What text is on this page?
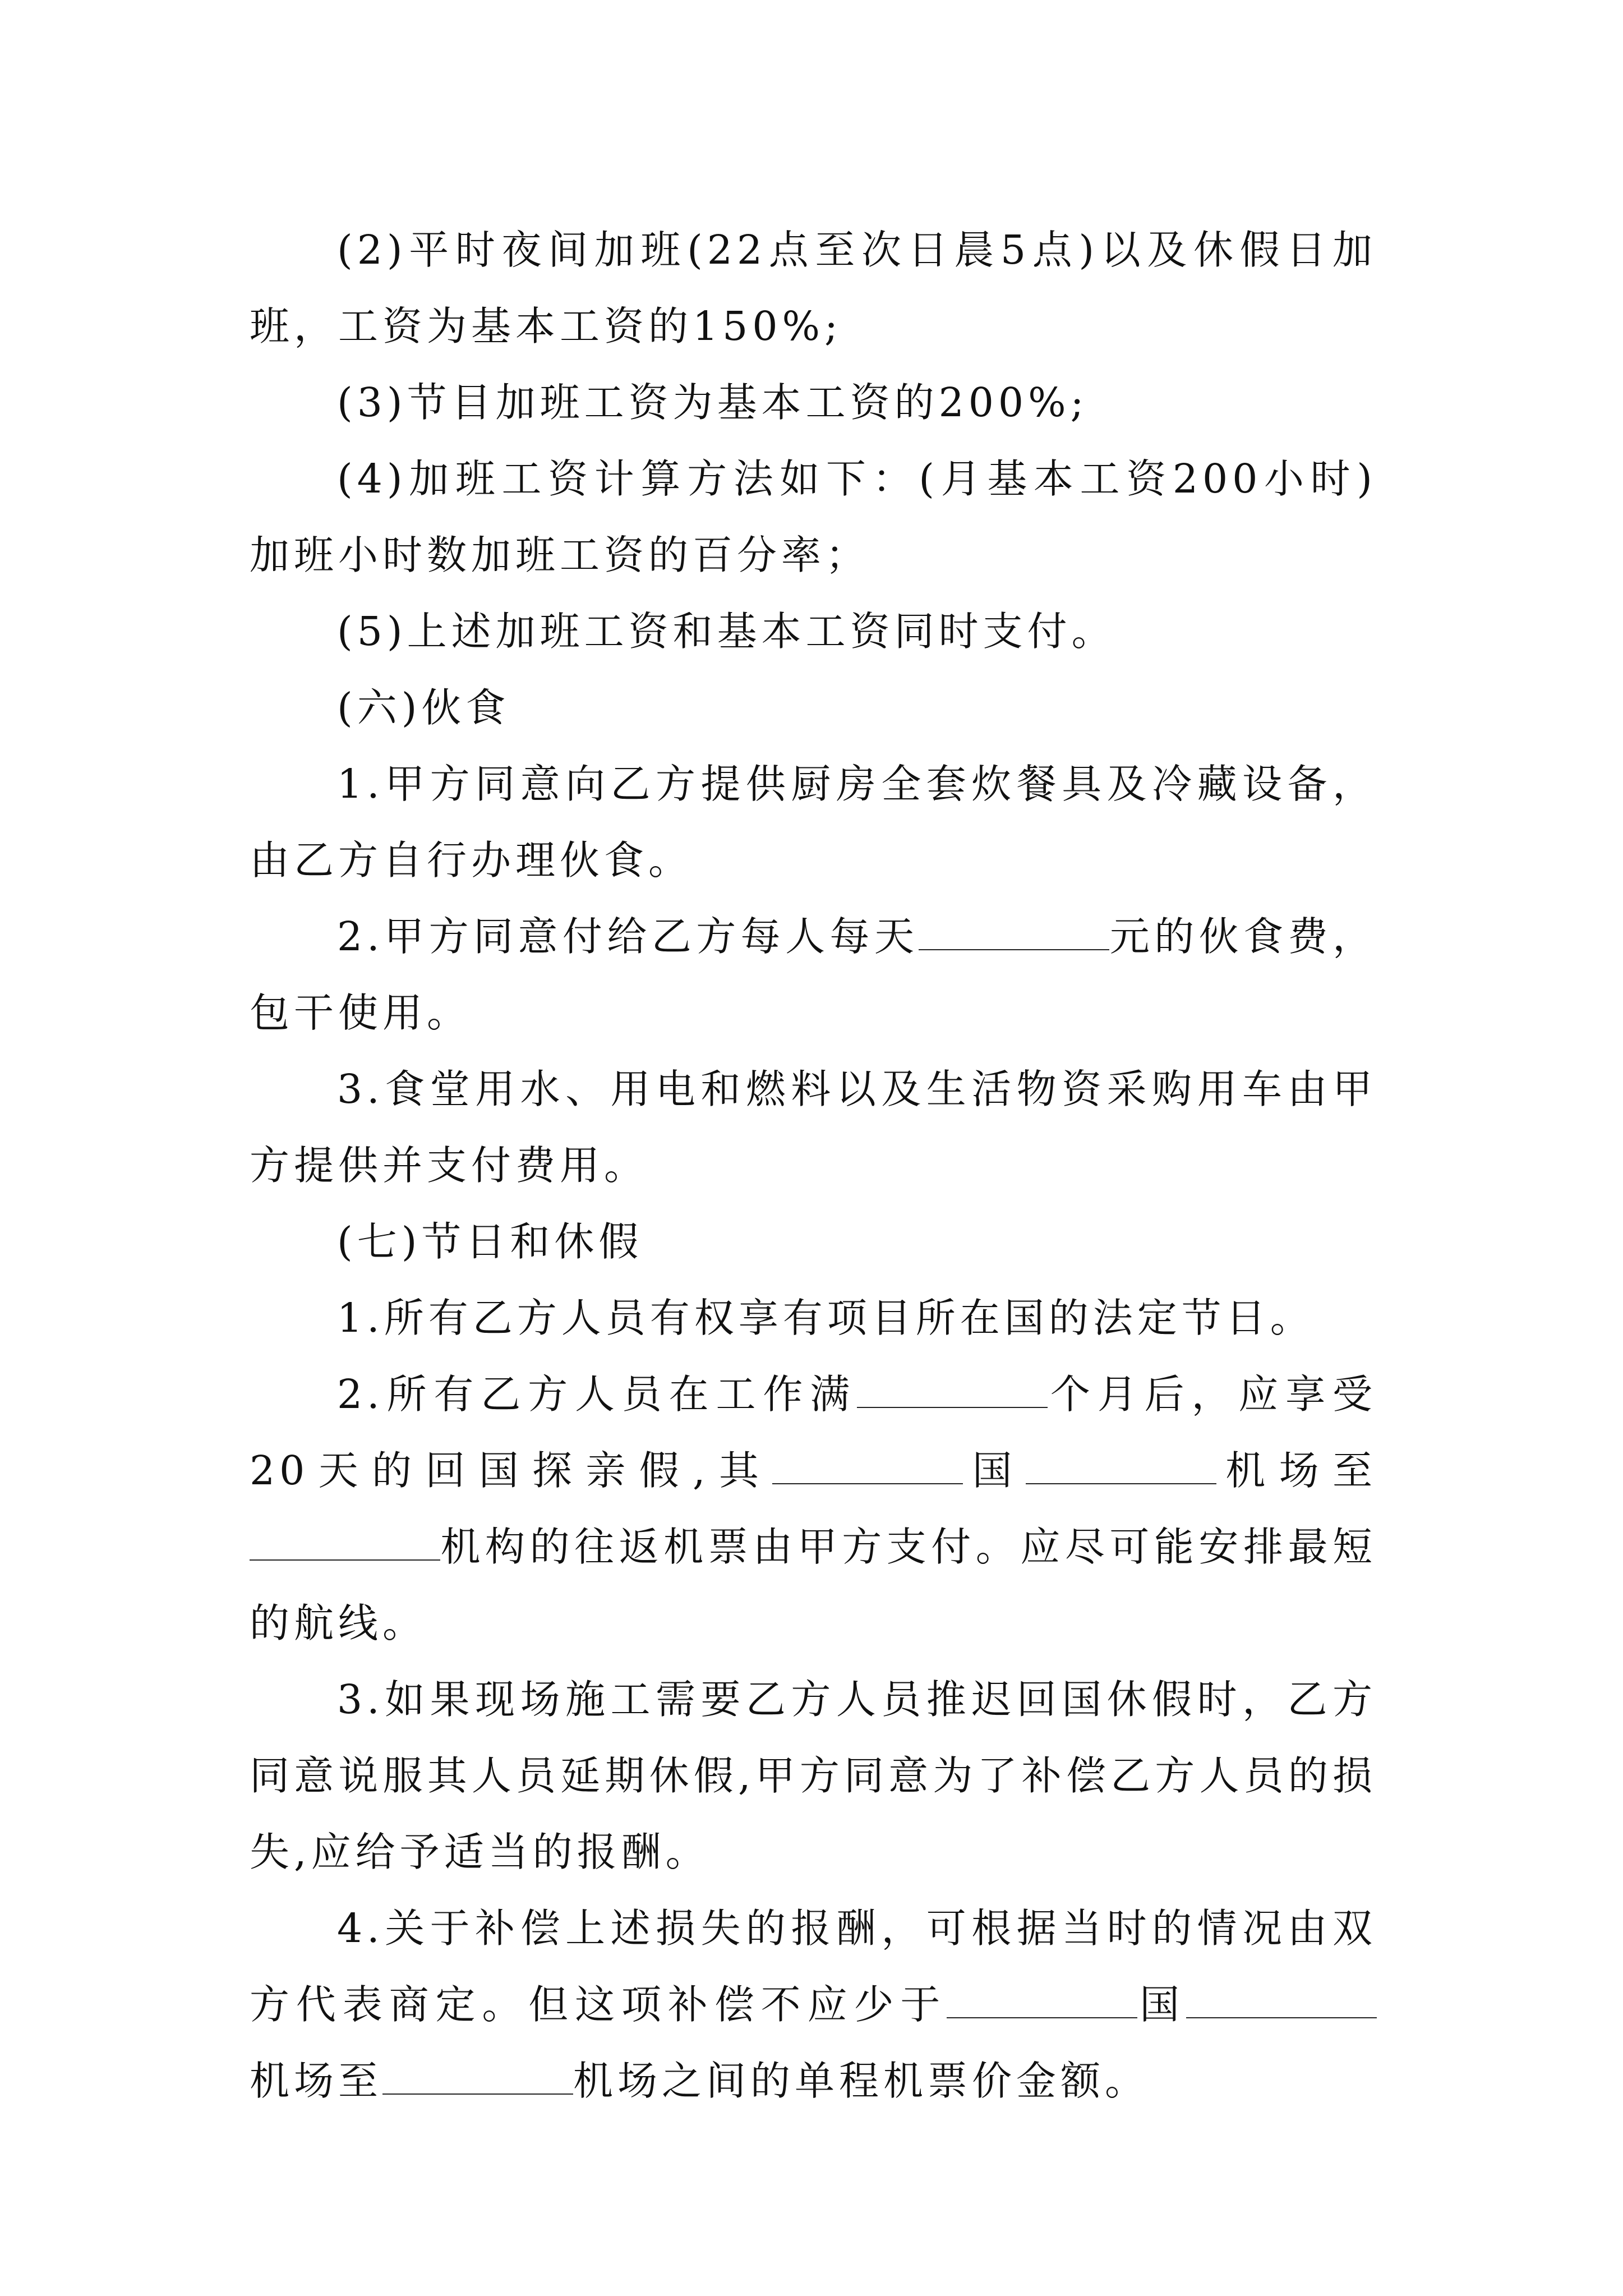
(2)平时夜间加班(22点至次日晨5点)以及休假日加班，工资为基本工资的150%;

(3)节目加班工资为基本工资的200%;

(4)加班工资计算方法如下：(月基本工资200小时)加班小时数加班工资的百分率；

(5)上述加班工资和基本工资同时支付。

(六)伙食

1.甲方同意向乙方提供厨房全套炊餐具及冷藏设备，由乙方自行办理伙食。

2.甲方同意付给乙方每人每天	元的伙食费，包干使用。

3.食堂用水、用电和燃料以及生活物资采购用车由甲方提供并支付费用。

(七)节日和休假

1.所有乙方人员有权享有项目所在国的法定节日。

2.所有乙方人员在工作满	个月后，应享受20天的回国探亲假,其	国	机场至机构的往返机票由甲方支付。应尽可能安排最短的航线。

3.如果现场施工需要乙方人员推迟回国休假时，乙方同意说服其人员延期休假,甲方同意为了补偿乙方人员的损失,应给予适当的报酬。

4.关于补偿上述损失的报酬，可根据当时的情况由双方代表商定。但这项补偿不应少于	国机场至	机场之间的单程机票价金额。
